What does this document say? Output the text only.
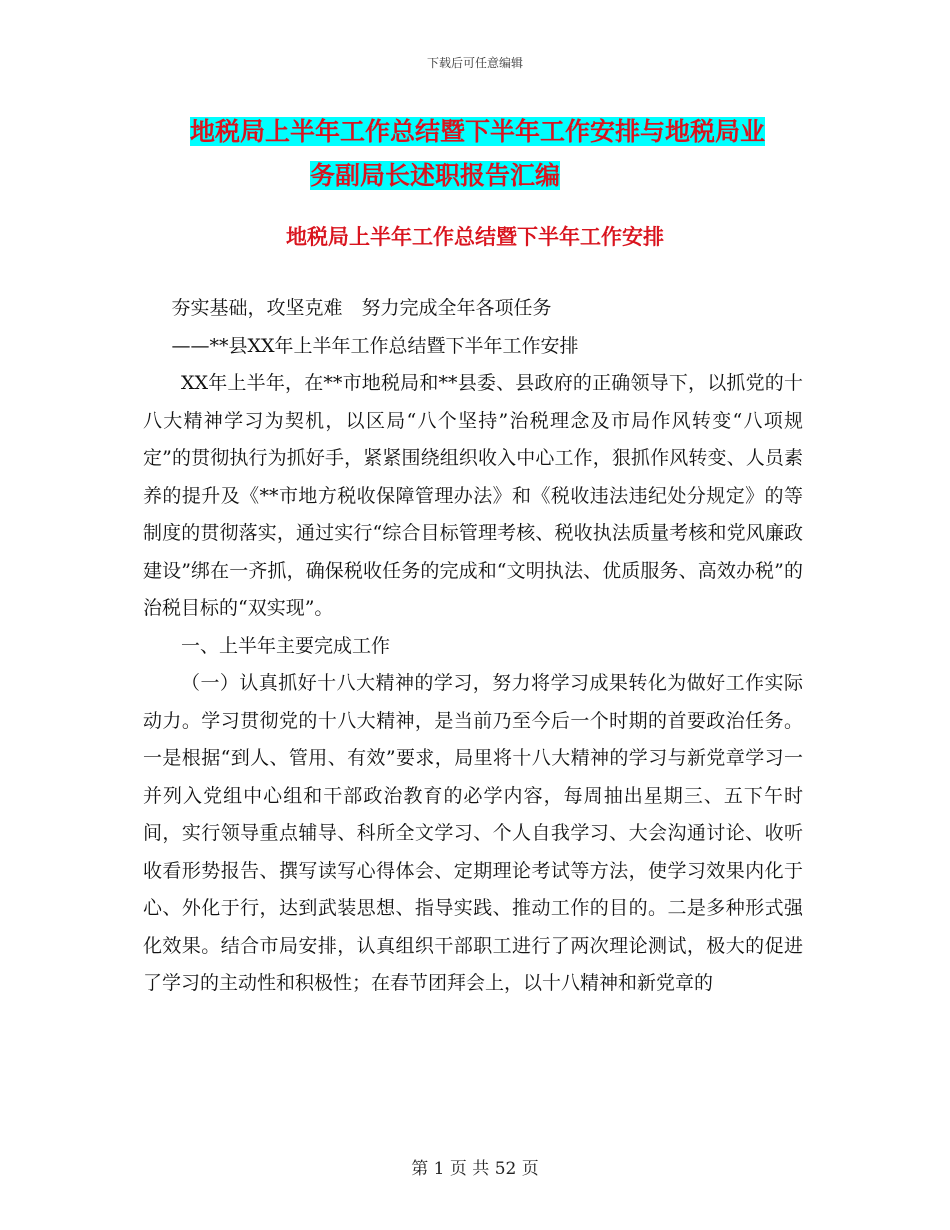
下载后可任意编辑
地税局上半年工作总结暨下半年工作安排与地税局业
务副局长述职报告汇编
地税局上半年工作总结暨下半年工作安排

夯实基础，攻坚克难　努力完成全年各项任务

——**县XX年上半年工作总结暨下半年工作安排

XX年上半年，在**市地税局和**县委、县政府的正确领导下，以抓党的十八大精神学习为契机，以区局“八个坚持”治税理念及市局作风转变“八项规定”的贯彻执行为抓好手，紧紧围绕组织收入中心工作，狠抓作风转变、人员素养的提升及《**市地方税收保障管理办法》和《税收违法违纪处分规定》的等制度的贯彻落实，通过实行“综合目标管理考核、税收执法质量考核和党风廉政建设”绑在一齐抓，确保税收任务的完成和“文明执法、优质服务、高效办税”的治税目标的“双实现”。

一、上半年主要完成工作

（一）认真抓好十八大精神的学习，努力将学习成果转化为做好工作实际动力。学习贯彻党的十八大精神，是当前乃至今后一个时期的首要政治任务。一是根据“到人、管用、有效”要求，局里将十八大精神的学习与新党章学习一并列入党组中心组和干部政治教育的必学内容，每周抽出星期三、五下午时间，实行领导重点辅导、科所全文学习、个人自我学习、大会沟通讨论、收听收看形势报告、撰写读写心得体会、定期理论考试等方法，使学习效果内化于心、外化于行，达到武装思想、指导实践、推动工作的目的。二是多种形式强化效果。结合市局安排，认真组织干部职工进行了两次理论测试，极大的促进了学习的主动性和积极性；在春节团拜会上，以十八精神和新党章的

第 1 页 共 52 页
